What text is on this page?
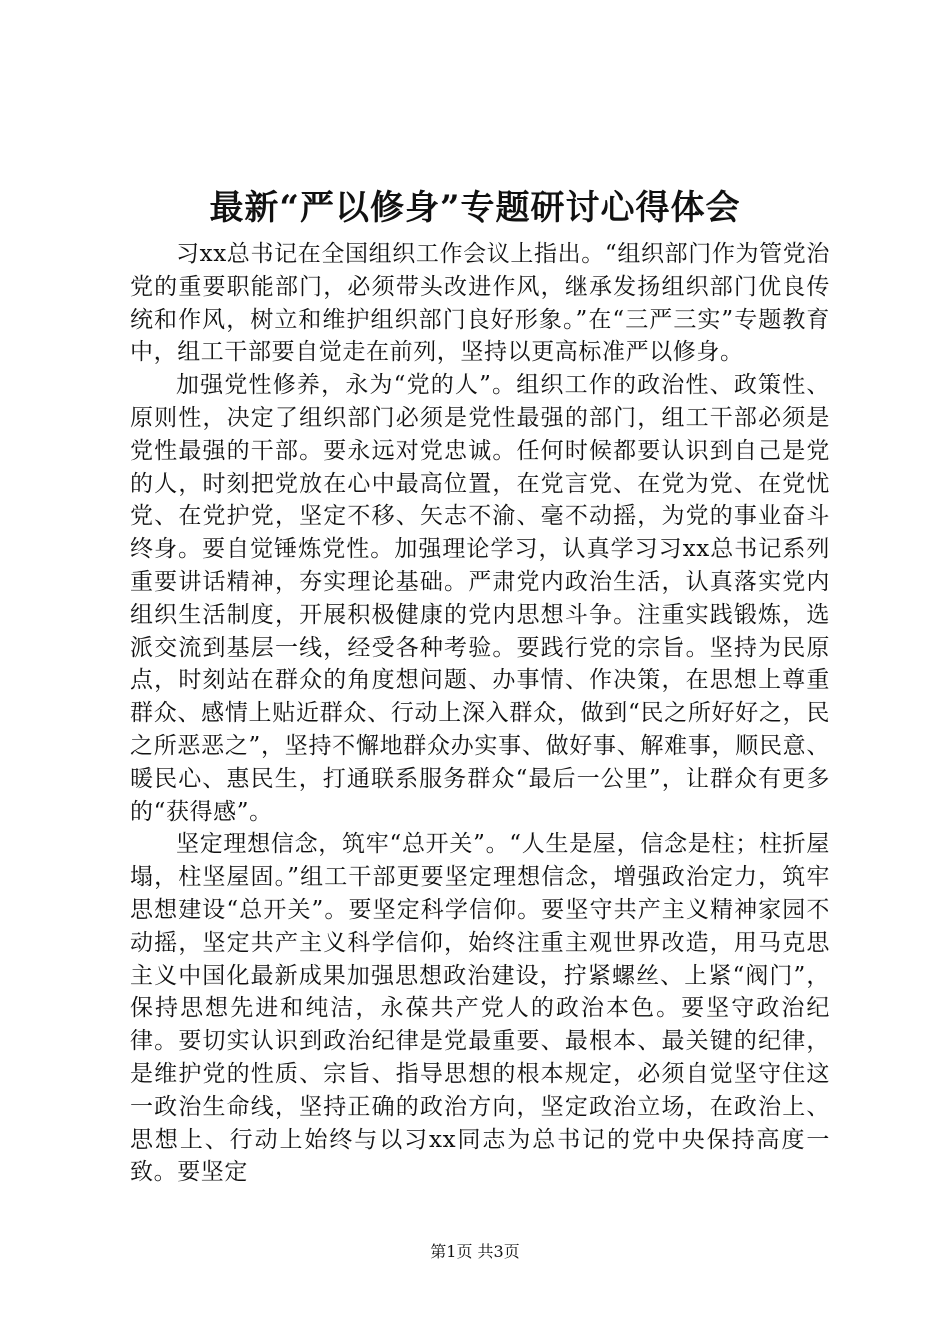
最新“严以修身”专题研讨心得体会

习xx总书记在全国组织工作会议上指出。“组织部门作为管党治党的重要职能部门，必须带头改进作风，继承发扬组织部门优良传统和作风，树立和维护组织部门良好形象。”在“三严三实”专题教育中，组工干部要自觉走在前列，坚持以更高标准严以修身。

加强党性修养，永为“党的人”。组织工作的政治性、政策性、原则性，决定了组织部门必须是党性最强的部门，组工干部必须是党性最强的干部。要永远对党忠诚。任何时候都要认识到自己是党的人，时刻把党放在心中最高位置，在党言党、在党为党、在党忧党、在党护党，坚定不移、矢志不渝、毫不动摇，为党的事业奋斗终身。要自觉锤炼党性。加强理论学习，认真学习习xx总书记系列重要讲话精神，夯实理论基础。严肃党内政治生活，认真落实党内组织生活制度，开展积极健康的党内思想斗争。注重实践锻炼，选派交流到基层一线，经受各种考验。要践行党的宗旨。坚持为民原点，时刻站在群众的角度想问题、办事情、作决策，在思想上尊重群众、感情上贴近群众、行动上深入群众，做到“民之所好好之，民之所恶恶之”，坚持不懈地群众办实事、做好事、解难事，顺民意、暖民心、惠民生，打通联系服务群众“最后一公里”，让群众有更多的“获得感”。

坚定理想信念，筑牢“总开关”。“人生是屋，信念是柱；柱折屋塌，柱坚屋固。”组工干部更要坚定理想信念，增强政治定力，筑牢思想建设“总开关”。要坚定科学信仰。要坚守共产主义精神家园不动摇，坚定共产主义科学信仰，始终注重主观世界改造，用马克思主义中国化最新成果加强思想政治建设，拧紧螺丝、上紧“阀门”，保持思想先进和纯洁，永葆共产党人的政治本色。要坚守政治纪律。要切实认识到政治纪律是党最重要、最根本、最关键的纪律，是维护党的性质、宗旨、指导思想的根本规定，必须自觉坚守住这一政治生命线，坚持正确的政治方向，坚定政治立场，在政治上、思想上、行动上始终与以习xx同志为总书记的党中央保持高度一致。要坚定

第1页 共3页
